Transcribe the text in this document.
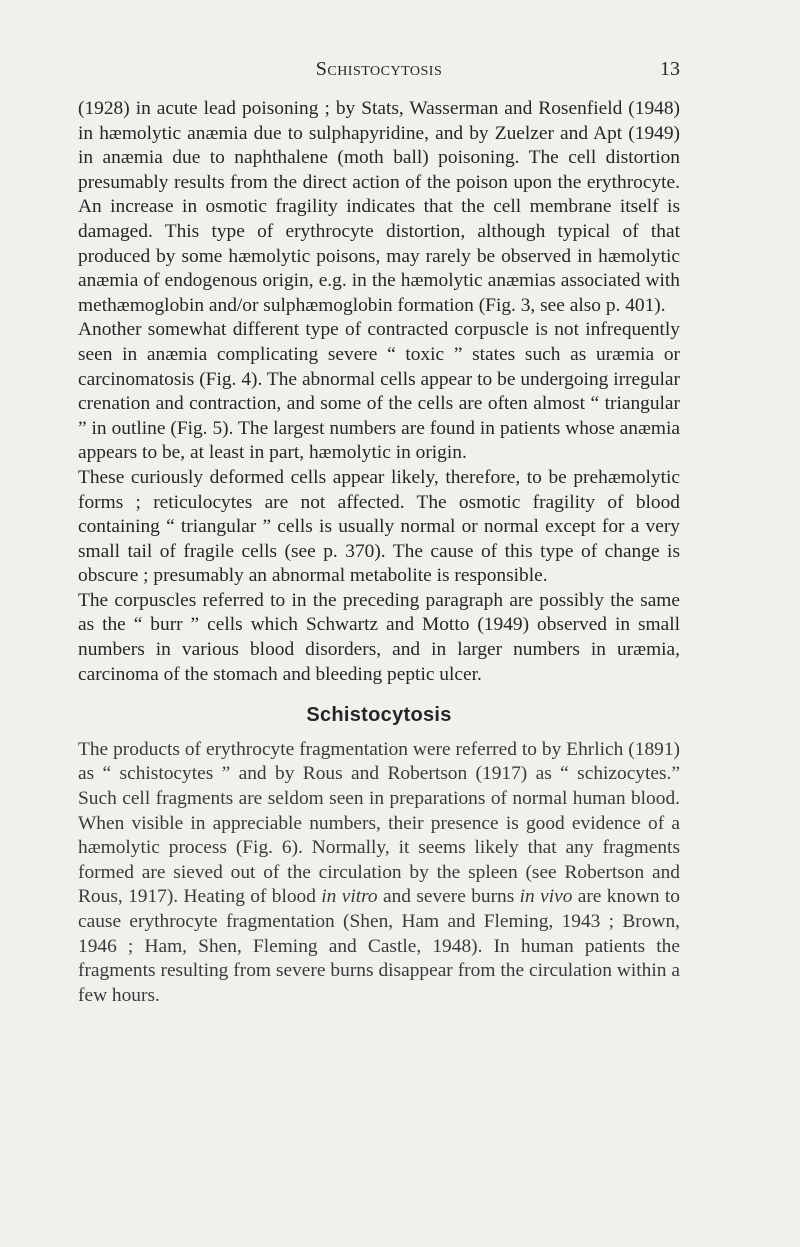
Schistocytosis	13

(1928) in acute lead poisoning ; by Stats, Wasserman and Rosenfield (1948) in hæmolytic anæmia due to sulphapyridine, and by Zuelzer and Apt (1949) in anæmia due to naphthalene (moth ball) poisoning. The cell distortion presumably results from the direct action of the poison upon the erythrocyte. An increase in osmotic fragility indicates that the cell membrane itself is damaged. This type of erythrocyte distortion, although typical of that produced by some hæmolytic poisons, may rarely be observed in hæmolytic anæmia of endogenous origin, e.g. in the hæmolytic anæmias associated with methæmoglobin and/or sulphæmoglobin formation (Fig. 3, see also p. 401).

Another somewhat different type of contracted corpuscle is not infrequently seen in anæmia complicating severe “ toxic ” states such as uræmia or carcinomatosis (Fig. 4). The abnormal cells appear to be undergoing irregular crenation and contraction, and some of the cells are often almost “ triangular ” in outline (Fig. 5). The largest numbers are found in patients whose anæmia appears to be, at least in part, hæmolytic in origin.

These curiously deformed cells appear likely, therefore, to be prehæmolytic forms ; reticulocytes are not affected. The osmotic fragility of blood containing “ triangular ” cells is usually normal or normal except for a very small tail of fragile cells (see p. 370). The cause of this type of change is obscure ; presumably an abnormal metabolite is responsible.

The corpuscles referred to in the preceding paragraph are possibly the same as the “ burr ” cells which Schwartz and Motto (1949) observed in small numbers in various blood disorders, and in larger numbers in uræmia, carcinoma of the stomach and bleeding peptic ulcer.

Schistocytosis

The products of erythrocyte fragmentation were referred to by Ehrlich (1891) as “ schistocytes ” and by Rous and Robertson (1917) as “ schizocytes.” Such cell fragments are seldom seen in preparations of normal human blood. When visible in appreciable numbers, their presence is good evidence of a hæmolytic process (Fig. 6). Normally, it seems likely that any fragments formed are sieved out of the circulation by the spleen (see Robertson and Rous, 1917). Heating of blood in vitro and severe burns in vivo are known to cause erythrocyte fragmentation (Shen, Ham and Fleming, 1943 ; Brown, 1946 ; Ham, Shen, Fleming and Castle, 1948). In human patients the fragments resulting from severe burns disappear from the circulation within a few hours.
